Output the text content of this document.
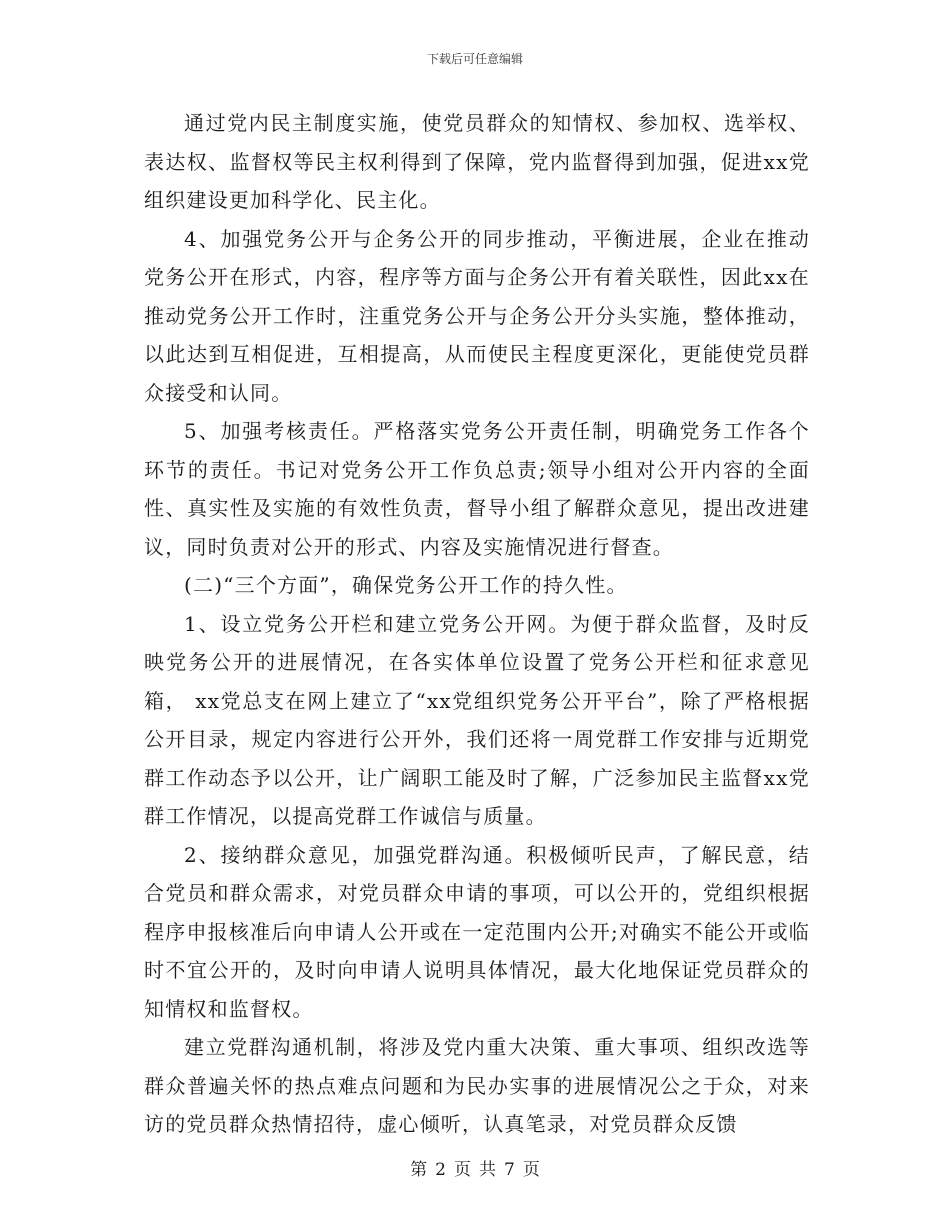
下载后可任意编辑

通过党内民主制度实施，使党员群众的知情权、参加权、选举权、表达权、监督权等民主权利得到了保障，党内监督得到加强，促进xx党组织建设更加科学化、民主化。

4、加强党务公开与企务公开的同步推动，平衡进展，企业在推动党务公开在形式，内容，程序等方面与企务公开有着关联性，因此xx在推动党务公开工作时，注重党务公开与企务公开分头实施，整体推动，以此达到互相促进，互相提高，从而使民主程度更深化，更能使党员群众接受和认同。

5、加强考核责任。严格落实党务公开责任制，明确党务工作各个环节的责任。书记对党务公开工作负总责;领导小组对公开内容的全面性、真实性及实施的有效性负责，督导小组了解群众意见，提出改进建议，同时负责对公开的形式、内容及实施情况进行督查。

(二)“三个方面”，确保党务公开工作的持久性。

1、设立党务公开栏和建立党务公开网。为便于群众监督，及时反映党务公开的进展情况，在各实体单位设置了党务公开栏和征求意见箱， xx党总支在网上建立了“xx党组织党务公开平台”，除了严格根据公开目录，规定内容进行公开外，我们还将一周党群工作安排与近期党群工作动态予以公开，让广阔职工能及时了解，广泛参加民主监督xx党群工作情况，以提高党群工作诚信与质量。

2、接纳群众意见，加强党群沟通。积极倾听民声，了解民意，结合党员和群众需求，对党员群众申请的事项，可以公开的，党组织根据程序申报核准后向申请人公开或在一定范围内公开;对确实不能公开或临时不宜公开的，及时向申请人说明具体情况，最大化地保证党员群众的知情权和监督权。

建立党群沟通机制，将涉及党内重大决策、重大事项、组织改选等群众普遍关怀的热点难点问题和为民办实事的进展情况公之于众，对来访的党员群众热情招待，虚心倾听，认真笔录，对党员群众反馈

第 2 页 共 7 页
